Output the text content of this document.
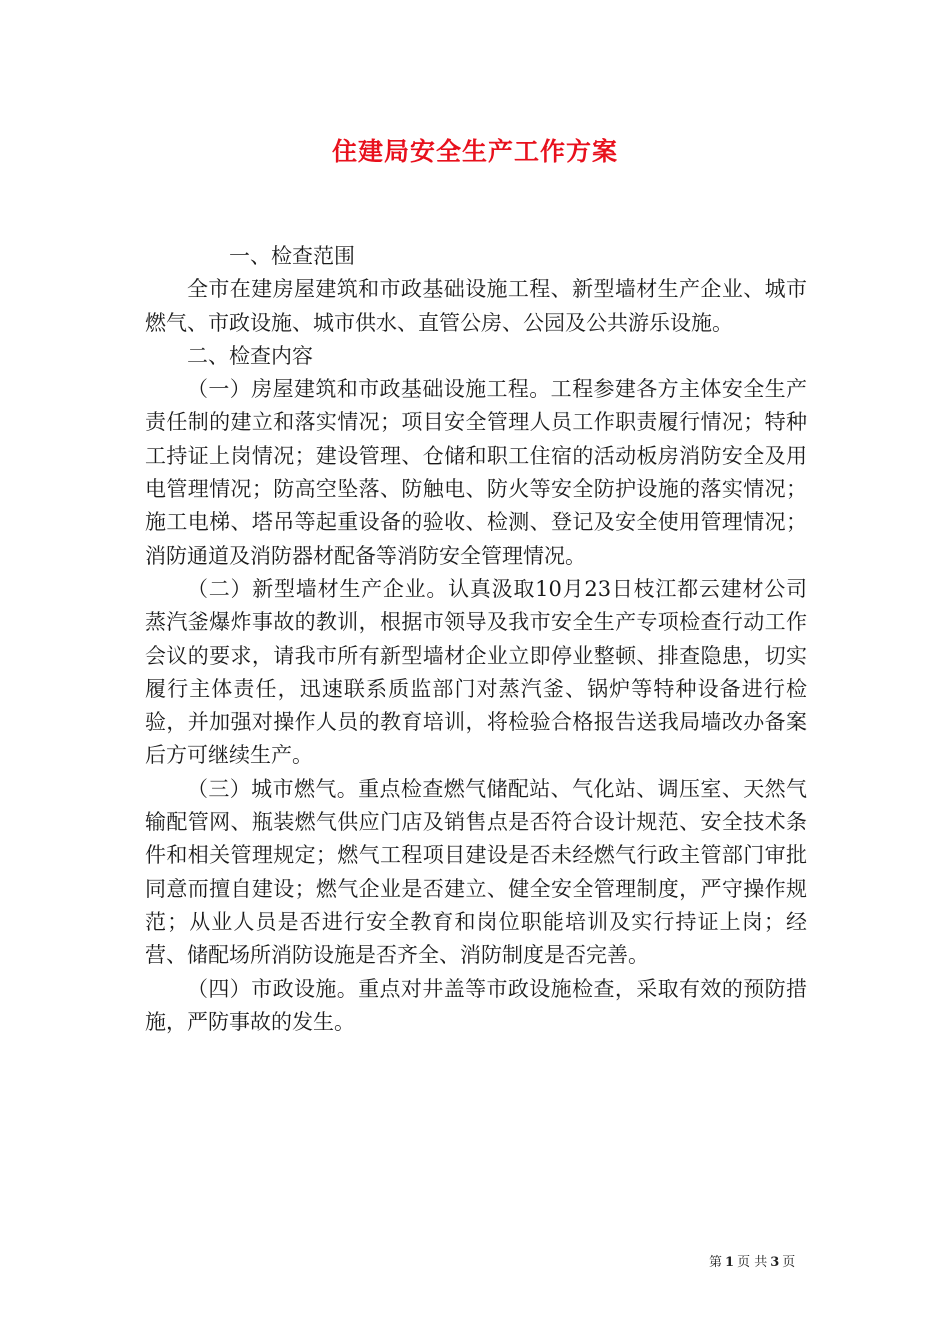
住建局安全生产工作方案

一、检查范围

全市在建房屋建筑和市政基础设施工程、新型墙材生产企业、城市燃气、市政设施、城市供水、直管公房、公园及公共游乐设施。

二、检查内容

（一）房屋建筑和市政基础设施工程。工程参建各方主体安全生产责任制的建立和落实情况；项目安全管理人员工作职责履行情况；特种工持证上岗情况；建设管理、仓储和职工住宿的活动板房消防安全及用电管理情况；防高空坠落、防触电、防火等安全防护设施的落实情况；施工电梯、塔吊等起重设备的验收、检测、登记及安全使用管理情况；消防通道及消防器材配备等消防安全管理情况。

（二）新型墙材生产企业。认真汲取10月23日枝江都云建材公司蒸汽釜爆炸事故的教训，根据市领导及我市安全生产专项检查行动工作会议的要求，请我市所有新型墙材企业立即停业整顿、排查隐患，切实履行主体责任，迅速联系质监部门对蒸汽釜、锅炉等特种设备进行检验，并加强对操作人员的教育培训，将检验合格报告送我局墙改办备案后方可继续生产。

（三）城市燃气。重点检查燃气储配站、气化站、调压室、天然气输配管网、瓶装燃气供应门店及销售点是否符合设计规范、安全技术条件和相关管理规定；燃气工程项目建设是否未经燃气行政主管部门审批同意而擅自建设；燃气企业是否建立、健全安全管理制度，严守操作规范；从业人员是否进行安全教育和岗位职能培训及实行持证上岗；经营、储配场所消防设施是否齐全、消防制度是否完善。

（四）市政设施。重点对井盖等市政设施检查，采取有效的预防措施，严防事故的发生。

第 1 页 共 3 页
